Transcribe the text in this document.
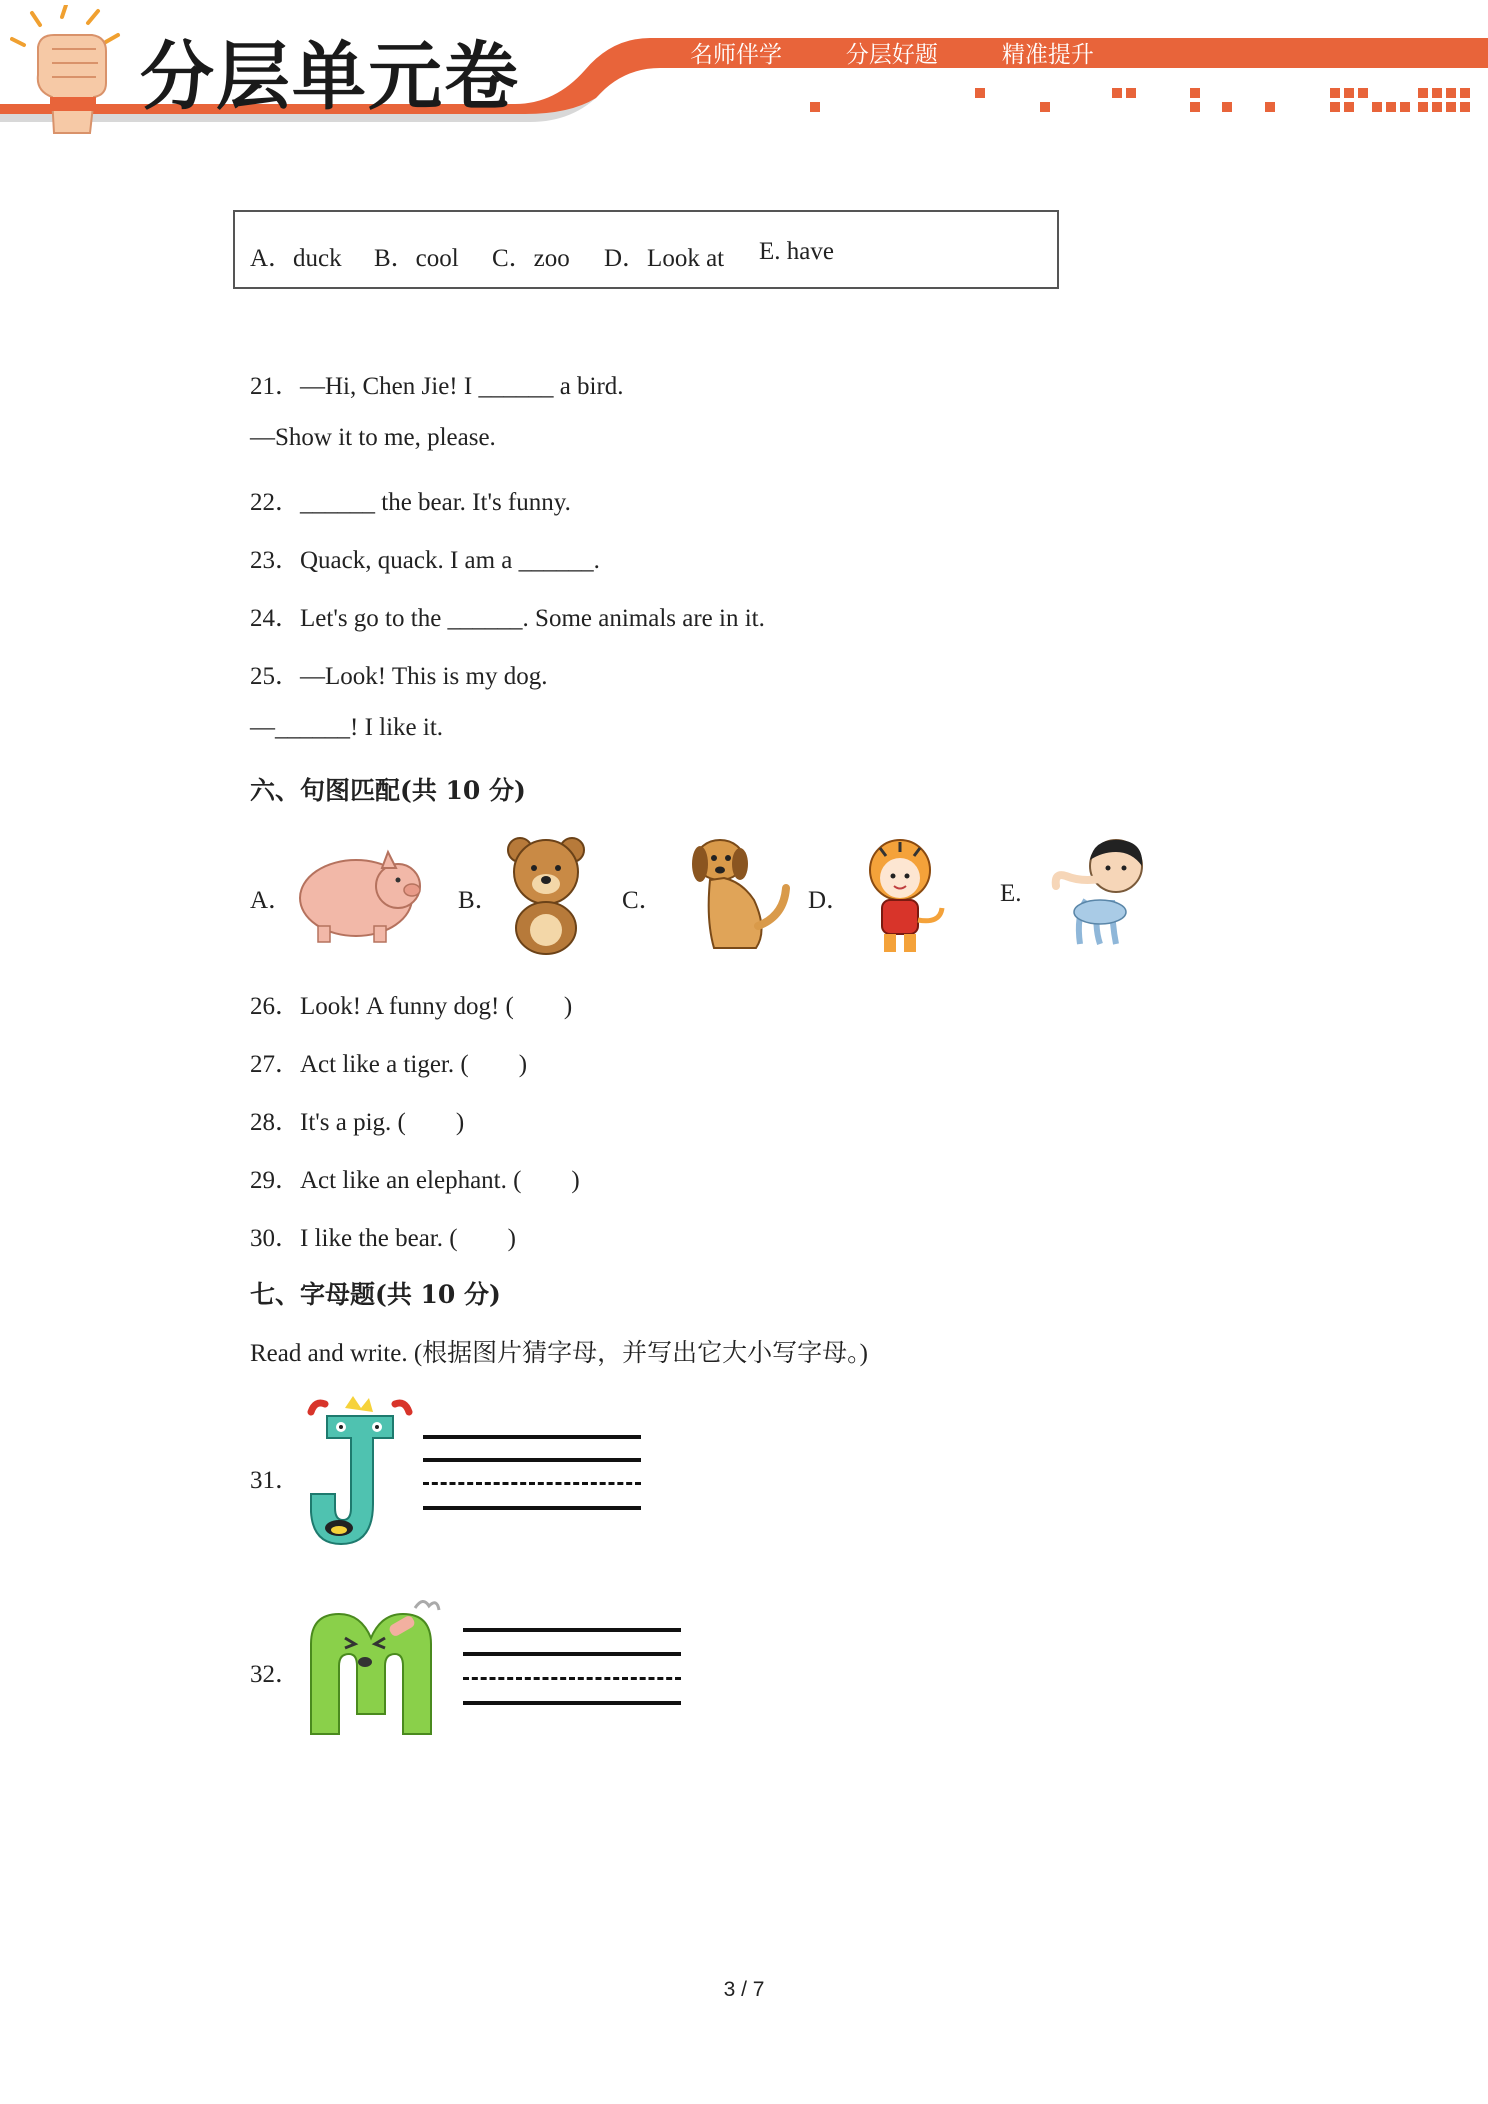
分层单元卷	名师伴学   分层好题   精准提升
A．duck B．cool C．zoo D．Look at E. have
21．—Hi, Chen Jie! I ______ a bird.
—Show it to me, please.
22．______ the bear. It's funny.
23．Quack, quack. I am a ______.
24．Let's go to the ______. Some animals are in it.
25．—Look! This is my dog.
—______! I like it.
六、句图匹配(共 10 分)
A．	B．	C．	D．	E.
26．Look! A funny dog! (        )
27．Act like a tiger. (        )
28．It's a pig. (        )
29．Act like an elephant. (        )
30．I like the bear. (        )
七、字母题(共 10 分)
Read and write. (根据图片猜字母，并写出它大小写字母。)
31．
32．
3 / 7
